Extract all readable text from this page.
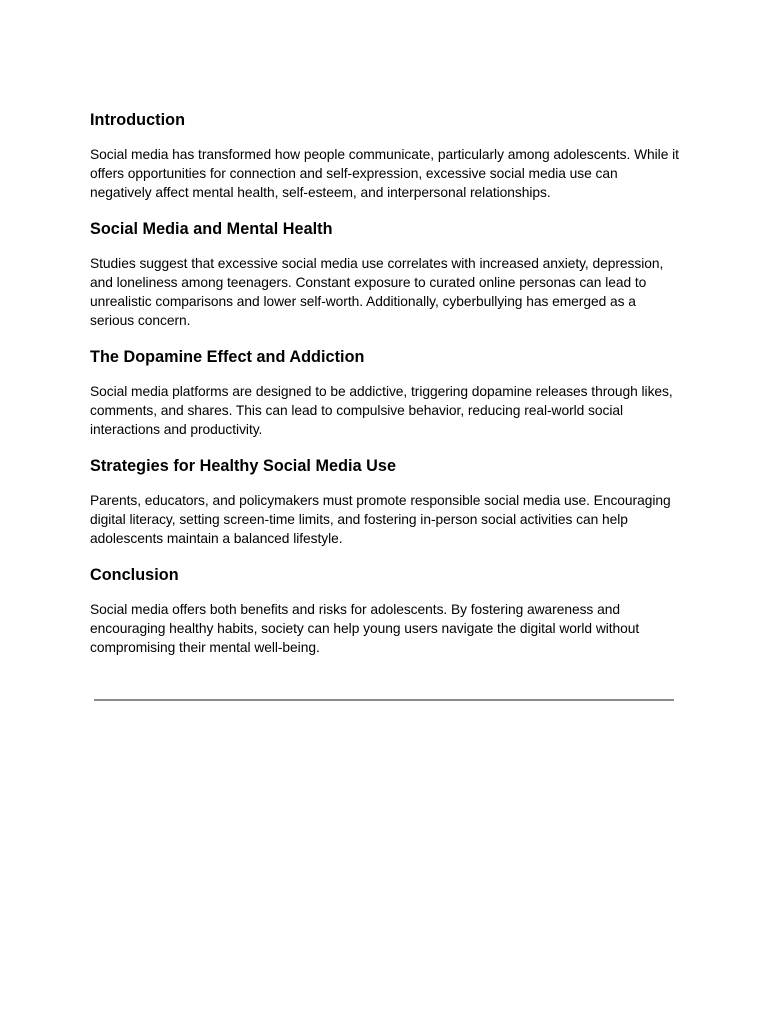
Introduction

Social media has transformed how people communicate, particularly among adolescents. While it offers opportunities for connection and self-expression, excessive social media use can negatively affect mental health, self-esteem, and interpersonal relationships.

Social Media and Mental Health

Studies suggest that excessive social media use correlates with increased anxiety, depression, and loneliness among teenagers. Constant exposure to curated online personas can lead to unrealistic comparisons and lower self-worth. Additionally, cyberbullying has emerged as a serious concern.

The Dopamine Effect and Addiction

Social media platforms are designed to be addictive, triggering dopamine releases through likes, comments, and shares. This can lead to compulsive behavior, reducing real-world social interactions and productivity.

Strategies for Healthy Social Media Use

Parents, educators, and policymakers must promote responsible social media use. Encouraging digital literacy, setting screen-time limits, and fostering in-person social activities can help adolescents maintain a balanced lifestyle.

Conclusion

Social media offers both benefits and risks for adolescents. By fostering awareness and encouraging healthy habits, society can help young users navigate the digital world without compromising their mental well-being.
